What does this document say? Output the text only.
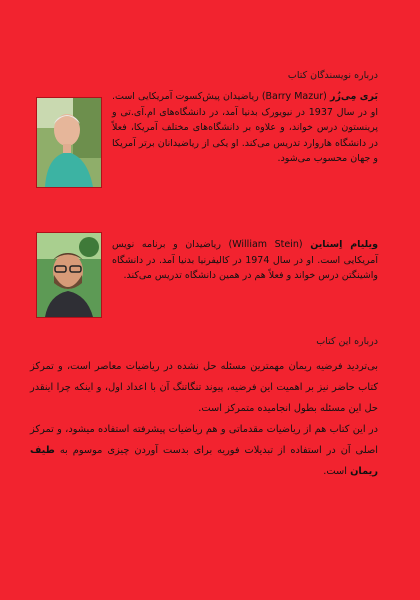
درباره نویسندگان کتاب
بَری مِی‌زُر (Barry Mazur) ریاضیدان پیش‌کسوت آمریکایی است. او در سال 1937 در نیویورک بدنیا آمد، در دانشگاه‌های ام.آی.تی و پرینستون درس خواند، و علاوه بر دانشگاه‌های مختلف آمریکا، فعلاً در دانشگاه هاروارد تدریس می‌کند. او یکی از ریاضیدانان برتر آمریکا و جهان محسوب می‌شود.
ویلیام اِستاین (William Stein) ریاضیدان و برنامه نویس آمریکایی است. او در سال 1974 در کالیفرنیا بدنیا آمد. در دانشگاه واشینگتن درس خواند و فعلاً هم در همین دانشگاه تدریس می‌کند.
درباره این کتاب

بی‌تردید فرضیه ریمان مهمترین مسئله حل نشده در ریاضیات معاصر است، و تمرکز کتاب حاضر نیز بر اهمیت این فرضیه، پیوند تنگاتنگ آن با اعداد اول، و اینکه چرا اینقدر حل این مسئله بطول انجامیده متمرکز است.

در این کتاب هم از ریاضیات مقدماتی و هم ریاضیات پیشرفته استفاده میشود، و تمرکز اصلی آن در استفاده از تبدیلات فوریه برای بدست آوردن چیزی موسوم به طیف ریمان است.
